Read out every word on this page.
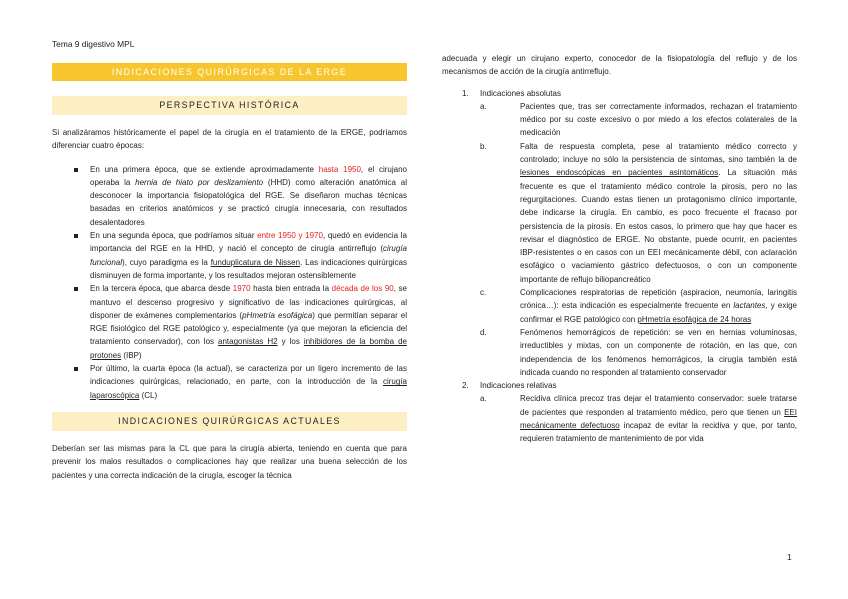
Tema 9 digestivo MPL
INDICACIONES QUIRÚRGICAS DE LA ERGE
PERSPECTIVA HISTÓRICA

Si analizáramos históricamente el papel de la cirugía en el tratamiento de la ERGE, podríamos diferenciar cuatro épocas:

En una primera época, que se extiende aproximadamente hasta 1950, el cirujano operaba la hernia de hiato por deslizamiento (HHD) como alteración anatómica al desconocer la importancia fisiopatológica del RGE. Se diseñaron muchas técnicas basadas en criterios anatómicos y se practicó cirugía innecesaria, con resultados desalentadores
En una segunda época, que podríamos situar entre 1950 y 1970, quedó en evidencia la importancia del RGE en la HHD, y nació el concepto de cirugía antirreflujo (cirugía funcional), cuyo paradigma es la funduplicatura de Nissen. Las indicaciones quirúrgicas disminuyen de forma importante, y los resultados mejoran ostensiblemente
En la tercera época, que abarca desde 1970 hasta bien entrada la década de los 90, se mantuvo el descenso progresivo y significativo de las indicaciones quirúrgicas, al disponer de exámenes complementarios (pHmetría esofágica) que permitían separar el RGE fisiológico del RGE patológico y, especialmente (ya que mejoran la eficiencia del tratamiento conservador), con los antagonistas H2 y los inhibidores de la bomba de protones (IBP)
Por último, la cuarta época (la actual), se caracteriza por un ligero incremento de las indicaciones quirúrgicas, relacionado, en parte, con la introducción de la cirugía laparoscópica (CL)
INDICACIONES QUIRÚRGICAS ACTUALES

Deberían ser las mismas para la CL que para la cirugía abierta, teniendo en cuenta que para prevenir los malos resultados o complicaciones hay que realizar una buena selección de los pacientes y una correcta indicación de la cirugía, escoger la técnica

adecuada y elegir un cirujano experto, conocedor de la fisiopatología del reflujo y de los mecanismos de acción de la cirugía antirreflujo.

1. Indicaciones absolutas
a.	Pacientes que, tras ser correctamente informados, rechazan el tratamiento médico por su coste excesivo o por miedo a los efectos colaterales de la medicación
b.	Falta de respuesta completa, pese al tratamiento médico correcto y controlado; incluye no sólo la persistencia de síntomas, sino también la de lesiones endoscópicas en pacientes asintomáticos. La situación más frecuente es que el tratamiento médico controle la pirosis, pero no las regurgitaciones. Cuando estas tienen un protagonismo clínico importante, debe indicarse la cirugía. En cambio, es poco frecuente el fracaso por persistencia de la pirosis. En estos casos, lo primero que hay que hacer es revisar el diagnóstico de ERGE. No obstante, puede ocurrir, en pacientes IBP-resistentes o en casos con un EEI mecánicamente débil, con aclaración esofágico o vaciamiento gástrico defectuosos, o con un componente importante de reflujo biliopancreático
c.	Complicaciones respiratorias de repetición (aspiracion, neumonía, laringitis crónica…): esta indicación es especialmente frecuente en lactantes, y exige confirmar el RGE patológico con pHmetría esofágica de 24 horas
d.	Fenómenos hemorrágicos de repetición: se ven en hernias voluminosas, irreductibles y mixtas, con un componente de rotación, en las que, con independencia de los fenómenos hemorrágicos, la cirugía también está indicada cuando no responden al tratamiento conservador
2. Indicaciones relativas
a.	Recidiva clínica precoz tras dejar el tratamiento conservador: suele tratarse de pacientes que responden al tratamiento médico, pero que tienen un EEI mecánicamente defectuoso incapaz de evitar la recidiva y que, por tanto, requieren tratamiento de mantenimiento de por vida
1
